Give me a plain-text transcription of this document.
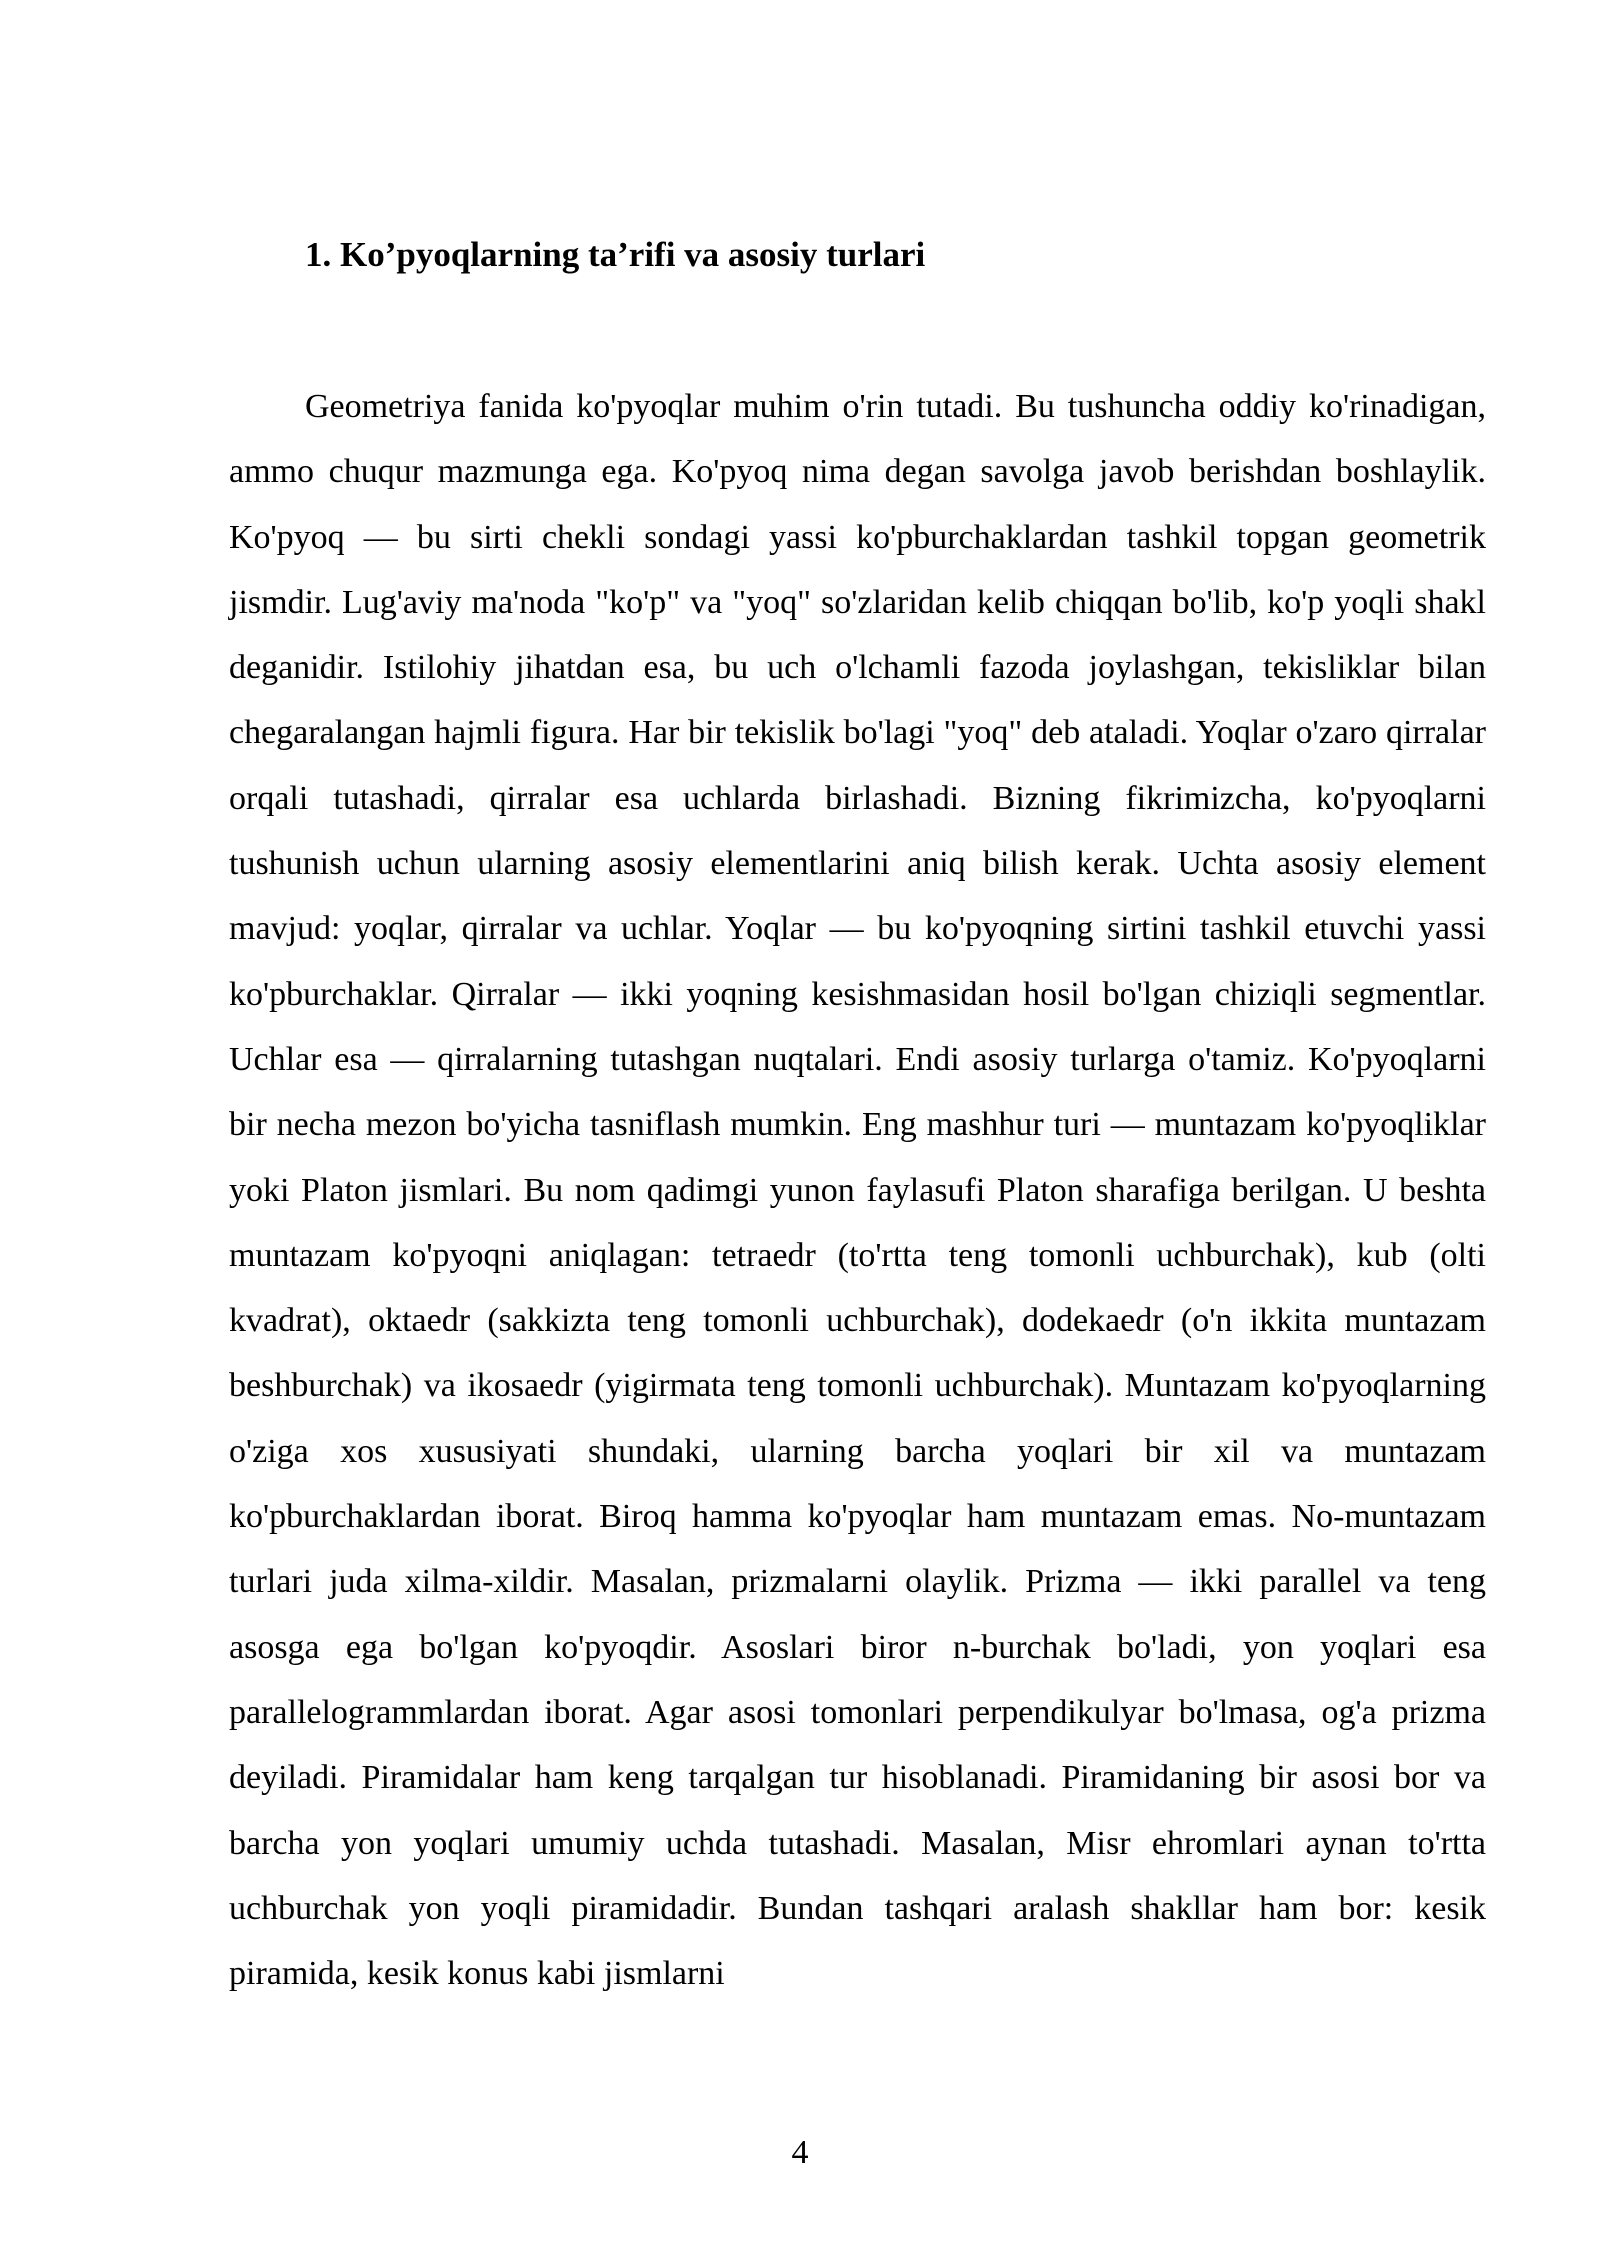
1. Ko’pyoqlarning ta’rifi va asosiy turlari

Geometriya fanida ko'pyoqlar muhim o'rin tutadi. Bu tushuncha oddiy ko'rinadigan, ammo chuqur mazmunga ega. Ko'pyoq nima degan savolga javob berishdan boshlaylik. Ko'pyoq — bu sirti chekli sondagi yassi ko'pburchaklardan tashkil topgan geometrik jismdir. Lug'aviy ma'noda "ko'p" va "yoq" so'zlaridan kelib chiqqan bo'lib, ko'p yoqli shakl deganidir. Istilohiy jihatdan esa, bu uch o'lchamli fazoda joylashgan, tekisliklar bilan chegaralangan hajmli figura. Har bir tekislik bo'lagi "yoq" deb ataladi. Yoqlar o'zaro qirralar orqali tutashadi, qirralar esa uchlarda birlashadi. Bizning fikrimizcha, ko'pyoqlarni tushunish uchun ularning asosiy elementlarini aniq bilish kerak. Uchta asosiy element mavjud: yoqlar, qirralar va uchlar. Yoqlar — bu ko'pyoqning sirtini tashkil etuvchi yassi ko'pburchaklar. Qirralar — ikki yoqning kesishmasidan hosil bo'lgan chiziqli segmentlar. Uchlar esa — qirralarning tutashgan nuqtalari. Endi asosiy turlarga o'tamiz. Ko'pyoqlarni bir necha mezon bo'yicha tasniflash mumkin. Eng mashhur turi — muntazam ko'pyoqliklar yoki Platon jismlari. Bu nom qadimgi yunon faylasufi Platon sharafiga berilgan. U beshta muntazam ko'pyoqni aniqlagan: tetraedr (to'rtta teng tomonli uchburchak), kub (olti kvadrat), oktaedr (sakkizta teng tomonli uchburchak), dodekaedr (o'n ikkita muntazam beshburchak) va ikosaedr (yigirmata teng tomonli uchburchak). Muntazam ko'pyoqlarning o'ziga xos xususiyati shundaki, ularning barcha yoqlari bir xil va muntazam ko'pburchaklardan iborat. Biroq hamma ko'pyoqlar ham muntazam emas. No-muntazam turlari juda xilma-xildir. Masalan, prizmalarni olaylik. Prizma — ikki parallel va teng asosga ega bo'lgan ko'pyoqdir. Asoslari biror n-burchak bo'ladi, yon yoqlari esa parallelogrammlardan iborat. Agar asosi tomonlari perpendikulyar bo'lmasa, og'a prizma deyiladi. Piramidalar ham keng tarqalgan tur hisoblanadi. Piramidaning bir asosi bor va barcha yon yoqlari umumiy uchda tutashadi. Masalan, Misr ehromlari aynan to'rtta uchburchak yon yoqli piramidadir. Bundan tashqari aralash shakllar ham bor: kesik piramida, kesik konus kabi jismlarni

4
